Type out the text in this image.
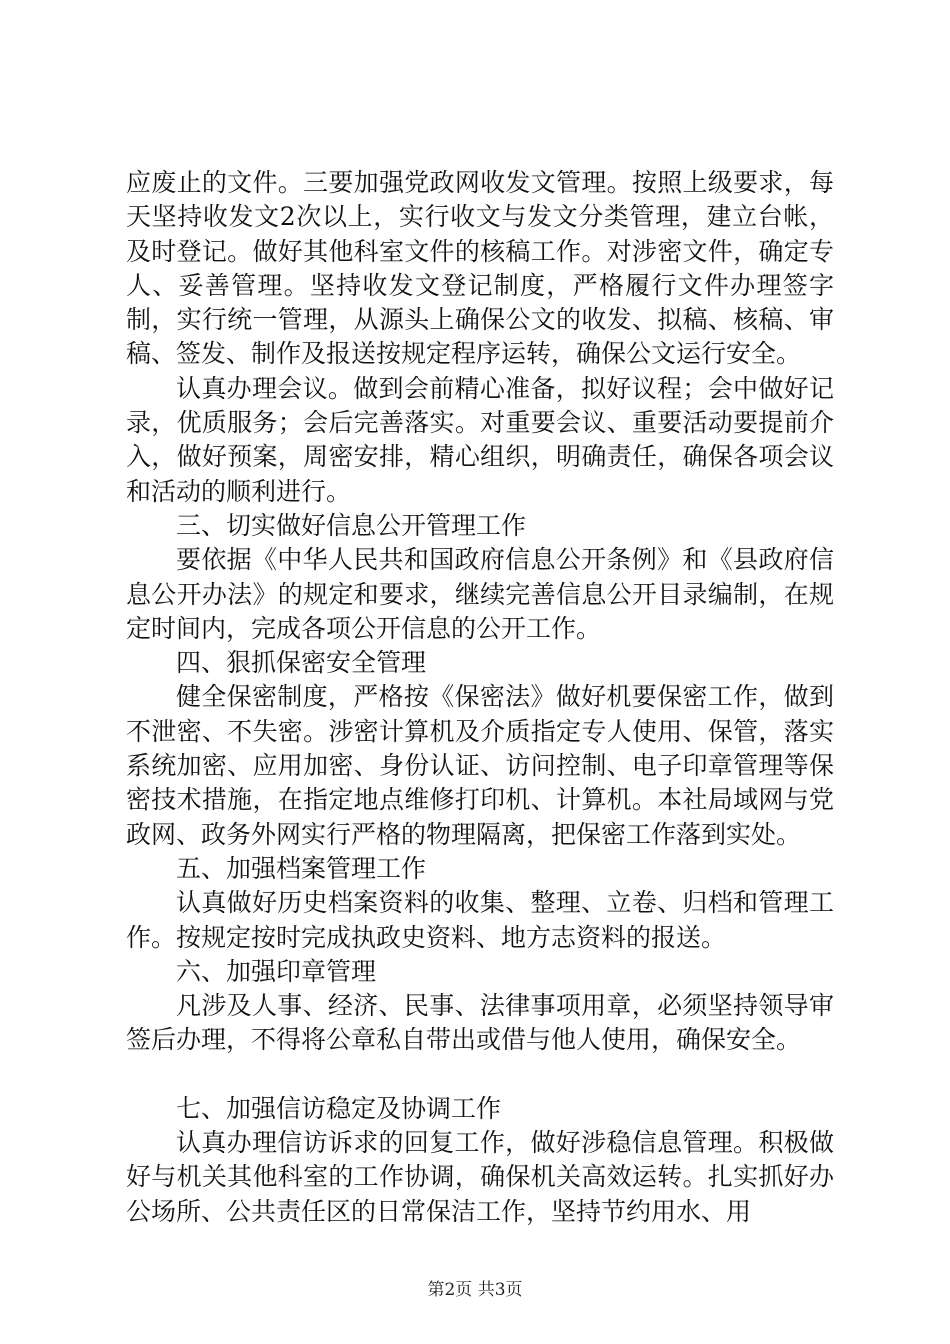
应废止的文件。三要加强党政网收发文管理。按照上级要求，每天坚持收发文2次以上，实行收文与发文分类管理，建立台帐，及时登记。做好其他科室文件的核稿工作。对涉密文件，确定专人、妥善管理。坚持收发文登记制度，严格履行文件办理签字制，实行统一管理，从源头上确保公文的收发、拟稿、核稿、审稿、签发、制作及报送按规定程序运转，确保公文运行安全。

认真办理会议。做到会前精心准备，拟好议程；会中做好记录，优质服务；会后完善落实。对重要会议、重要活动要提前介入，做好预案，周密安排，精心组织，明确责任，确保各项会议和活动的顺利进行。

三、切实做好信息公开管理工作

要依据《中华人民共和国政府信息公开条例》和《县政府信息公开办法》的规定和要求，继续完善信息公开目录编制，在规定时间内，完成各项公开信息的公开工作。

四、狠抓保密安全管理

健全保密制度，严格按《保密法》做好机要保密工作，做到不泄密、不失密。涉密计算机及介质指定专人使用、保管，落实系统加密、应用加密、身份认证、访问控制、电子印章管理等保密技术措施，在指定地点维修打印机、计算机。本社局域网与党政网、政务外网实行严格的物理隔离，把保密工作落到实处。

五、加强档案管理工作

认真做好历史档案资料的收集、整理、立卷、归档和管理工作。按规定按时完成执政史资料、地方志资料的报送。

六、加强印章管理

凡涉及人事、经济、民事、法律事项用章，必须坚持领导审签后办理，不得将公章私自带出或借与他人使用，确保安全。

七、加强信访稳定及协调工作

认真办理信访诉求的回复工作，做好涉稳信息管理。积极做好与机关其他科室的工作协调，确保机关高效运转。扎实抓好办公场所、公共责任区的日常保洁工作，坚持节约用水、用

第2页 共3页
